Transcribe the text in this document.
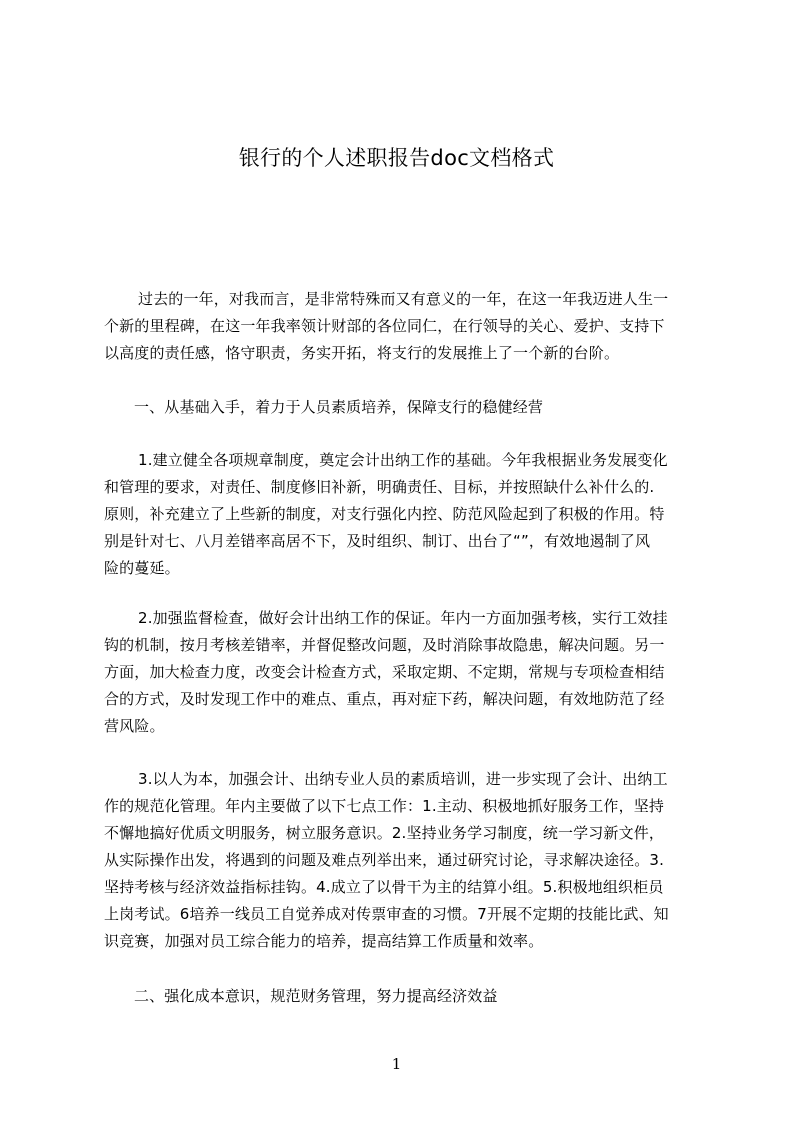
银行的个人述职报告doc文档格式
过去的一年，对我而言，是非常特殊而又有意义的一年，在这一年我迈进人生一
个新的里程碑，在这一年我率领计财部的各位同仁，在行领导的关心、爱护、支持下
以高度的责任感，恪守职责，务实开拓，将支行的发展推上了一个新的台阶。
一、从基础入手，着力于人员素质培养，保障支行的稳健经营
1.建立健全各项规章制度，奠定会计出纳工作的基础。今年我根据业务发展变化
和管理的要求，对责任、制度修旧补新，明确责任、目标，并按照缺什么补什么的.
原则，补充建立了上些新的制度，对支行强化内控、防范风险起到了积极的作用。特
别是针对七、八月差错率高居不下，及时组织、制订、出台了“”，有效地遏制了风
险的蔓延。
2.加强监督检查，做好会计出纳工作的保证。年内一方面加强考核，实行工效挂
钩的机制，按月考核差错率，并督促整改问题，及时消除事故隐患，解决问题。另一
方面，加大检查力度，改变会计检查方式，采取定期、不定期，常规与专项检查相结
合的方式，及时发现工作中的难点、重点，再对症下药，解决问题，有效地防范了经
营风险。
3.以人为本，加强会计、出纳专业人员的素质培训，进一步实现了会计、出纳工
作的规范化管理。年内主要做了以下七点工作：1.主动、积极地抓好服务工作，坚持
不懈地搞好优质文明服务，树立服务意识。2.坚持业务学习制度，统一学习新文件，
从实际操作出发，将遇到的问题及难点列举出来，通过研究讨论，寻求解决途径。3.
坚持考核与经济效益指标挂钩。4.成立了以骨干为主的结算小组。5.积极地组织柜员
上岗考试。6培养一线员工自觉养成对传票审查的习惯。7开展不定期的技能比武、知
识竞赛，加强对员工综合能力的培养，提高结算工作质量和效率。
二、强化成本意识，规范财务管理，努力提高经济效益
1
